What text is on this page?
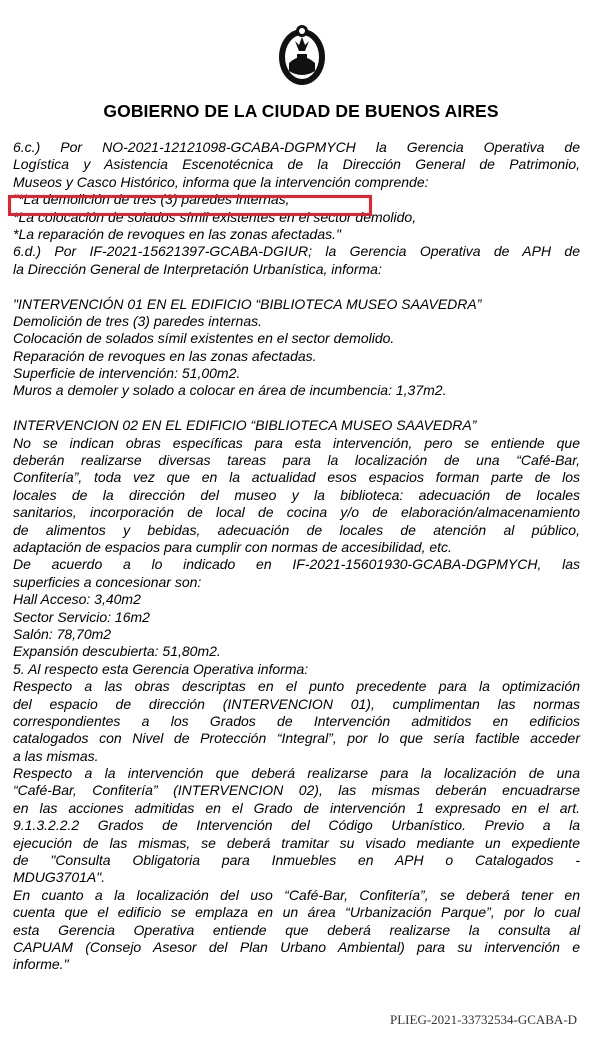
GOBIERNO DE LA CIUDAD DE BUENOS AIRES
6.c.) Por NO-2021-12121098-GCABA-DGPMYCH la Gerencia Operativa de
Logística y Asistencia Escenotécnica de la Dirección General de Patrimonio,
Museos y Casco Histórico, informa que la intervención comprende:
"*La demolición de tres (3) paredes internas,
*La colocación de solados símil existentes en el sector demolido,
*La reparación de revoques en las zonas afectadas."
6.d.) Por IF-2021-15621397-GCABA-DGIUR; la Gerencia Operativa de APH de
la Dirección General de Interpretación Urbanística, informa:
"INTERVENCIÓN 01 EN EL EDIFICIO “BIBLIOTECA MUSEO SAAVEDRA”
Demolición de tres (3) paredes internas.
Colocación de solados símil existentes en el sector demolido.
Reparación de revoques en las zonas afectadas.
Superficie de intervención: 51,00m2.
Muros a demoler y solado a colocar en área de incumbencia: 1,37m2.
INTERVENCION 02 EN EL EDIFICIO “BIBLIOTECA MUSEO SAAVEDRA”
No se indican obras específicas para esta intervención, pero se entiende que
deberán realizarse diversas tareas para la localización de una “Café-Bar,
Confitería”, toda vez que en la actualidad esos espacios forman parte de los
locales de la dirección del museo y la biblioteca: adecuación de locales
sanitarios, incorporación de local de cocina y/o de elaboración/almacenamiento
de alimentos y bebidas, adecuación de locales de atención al público,
adaptación de espacios para cumplir con normas de accesibilidad, etc.
De acuerdo a lo indicado en IF-2021-15601930-GCABA-DGPMYCH, las
superficies a concesionar son:
Hall Acceso: 3,40m2
Sector Servicio: 16m2
Salón: 78,70m2
Expansión descubierta: 51,80m2.
5. Al respecto esta Gerencia Operativa informa:
Respecto a las obras descriptas en el punto precedente para la optimización
del espacio de dirección (INTERVENCION 01), cumplimentan las normas
correspondientes a los Grados de Intervención admitidos en edificios
catalogados con Nivel de Protección “Integral”, por lo que sería factible acceder
a las mismas.
Respecto a la intervención que deberá realizarse para la localización de una
“Café-Bar, Confitería” (INTERVENCION 02), las mismas deberán encuadrarse
en las acciones admitidas en el Grado de intervención 1 expresado en el art.
9.1.3.2.2.2 Grados de Intervención del Código Urbanístico. Previo a la
ejecución de las mismas, se deberá tramitar su visado mediante un expediente
de "Consulta Obligatoria para Inmuebles en APH o Catalogados -
MDUG3701A".
En cuanto a la localización del uso “Café-Bar, Confitería”, se deberá tener en
cuenta que el edificio se emplaza en un área “Urbanización Parque”, por lo cual
esta Gerencia Operativa entiende que deberá realizarse la consulta al
CAPUAM (Consejo Asesor del Plan Urbano Ambiental) para su intervención e
informe."
PLIEG-2021-33732534-GCABA-D
